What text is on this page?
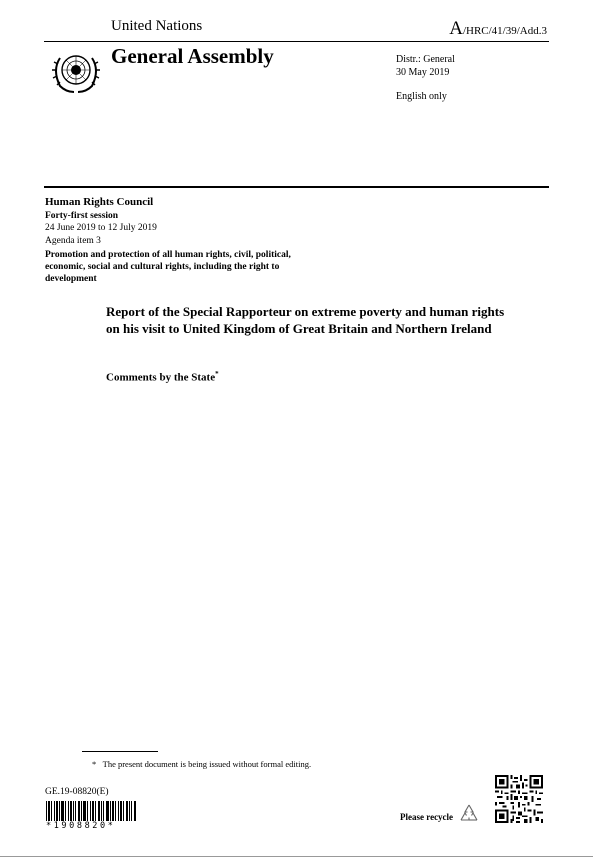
United Nations	A/HRC/41/39/Add.3
General Assembly	Distr.: General
30 May 2019
English only
Human Rights Council
Forty-first session
24 June 2019 to 12 July 2019
Agenda item 3
Promotion and protection of all human rights, civil, political, economic, social and cultural rights, including the right to development
Report of the Special Rapporteur on extreme poverty and human rights on his visit to United Kingdom of Great Britain and Northern Ireland
Comments by the State*
* The present document is being issued without formal editing.
GE.19-08820(E)
*1908820*
Please recycle
